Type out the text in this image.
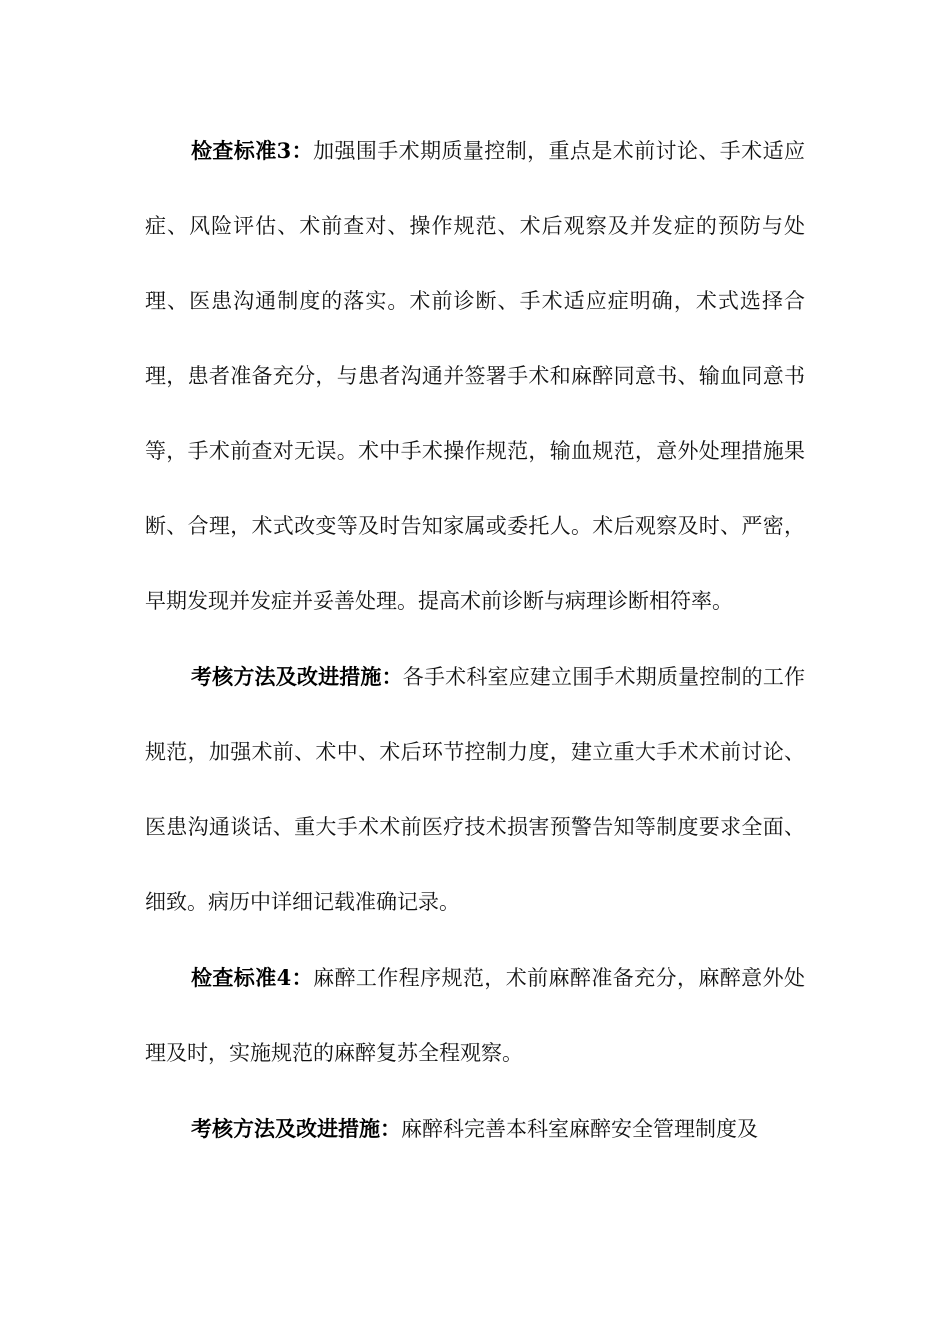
检查标准3：加强围手术期质量控制，重点是术前讨论、手术适应症、风险评估、术前查对、操作规范、术后观察及并发症的预防与处理、医患沟通制度的落实。术前诊断、手术适应症明确，术式选择合理，患者准备充分，与患者沟通并签署手术和麻醉同意书、输血同意书等，手术前查对无误。术中手术操作规范，输血规范，意外处理措施果断、合理，术式改变等及时告知家属或委托人。术后观察及时、严密，早期发现并发症并妥善处理。提高术前诊断与病理诊断相符率。

考核方法及改进措施：各手术科室应建立围手术期质量控制的工作规范，加强术前、术中、术后环节控制力度，建立重大手术术前讨论、医患沟通谈话、重大手术术前医疗技术损害预警告知等制度要求全面、细致。病历中详细记载准确记录。

检查标准4：麻醉工作程序规范，术前麻醉准备充分，麻醉意外处理及时，实施规范的麻醉复苏全程观察。

考核方法及改进措施：麻醉科完善本科室麻醉安全管理制度及
